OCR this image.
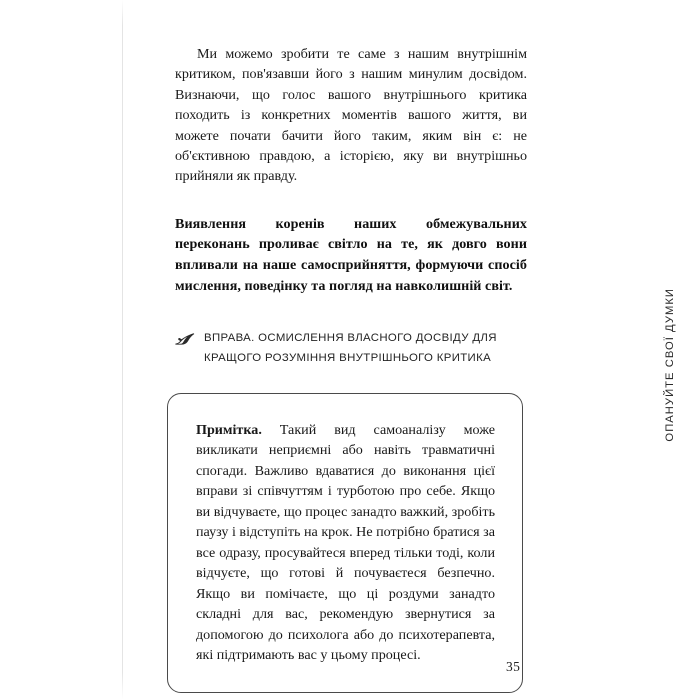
Ми можемо зробити те саме з нашим внутрішнім критиком, пов'язавши його з нашим минулим досвідом. Визнаючи, що голос вашого внутрішнього критика походить із конкретних моментів вашого життя, ви можете почати бачити його таким, яким він є: не об'єктивною правдою, а історією, яку ви внутрішньо прийняли як правду.

Виявлення коренів наших обмежувальних переконань проливає світло на те, як довго вони впливали на наше самосприйняття, формуючи спосіб мислення, поведінку та погляд на навколишній світ.

ВПРАВА. ОСМИСЛЕННЯ ВЛАСНОГО ДОСВІДУ ДЛЯ КРАЩОГО РОЗУМІННЯ ВНУТРІШНЬОГО КРИТИКА

Примітка. Такий вид самоаналізу може викликати неприємні або навіть травматичні спогади. Важливо вдаватися до виконання цієї вправи зі співчуттям і турботою про себе. Якщо ви відчуваєте, що процес занадто важкий, зробіть паузу і відступіть на крок. Не потрібно братися за все одразу, просувайтеся вперед тільки тоді, коли відчуєте, що готові й почуваєтеся безпечно. Якщо ви помічаєте, що ці роздуми занадто складні для вас, рекомендую звернутися за допомогою до психолога або до психотерапевта, які підтримають вас у цьому процесі.

ОПАНУЙТЕ СВОЇ ДУМКИ
35
